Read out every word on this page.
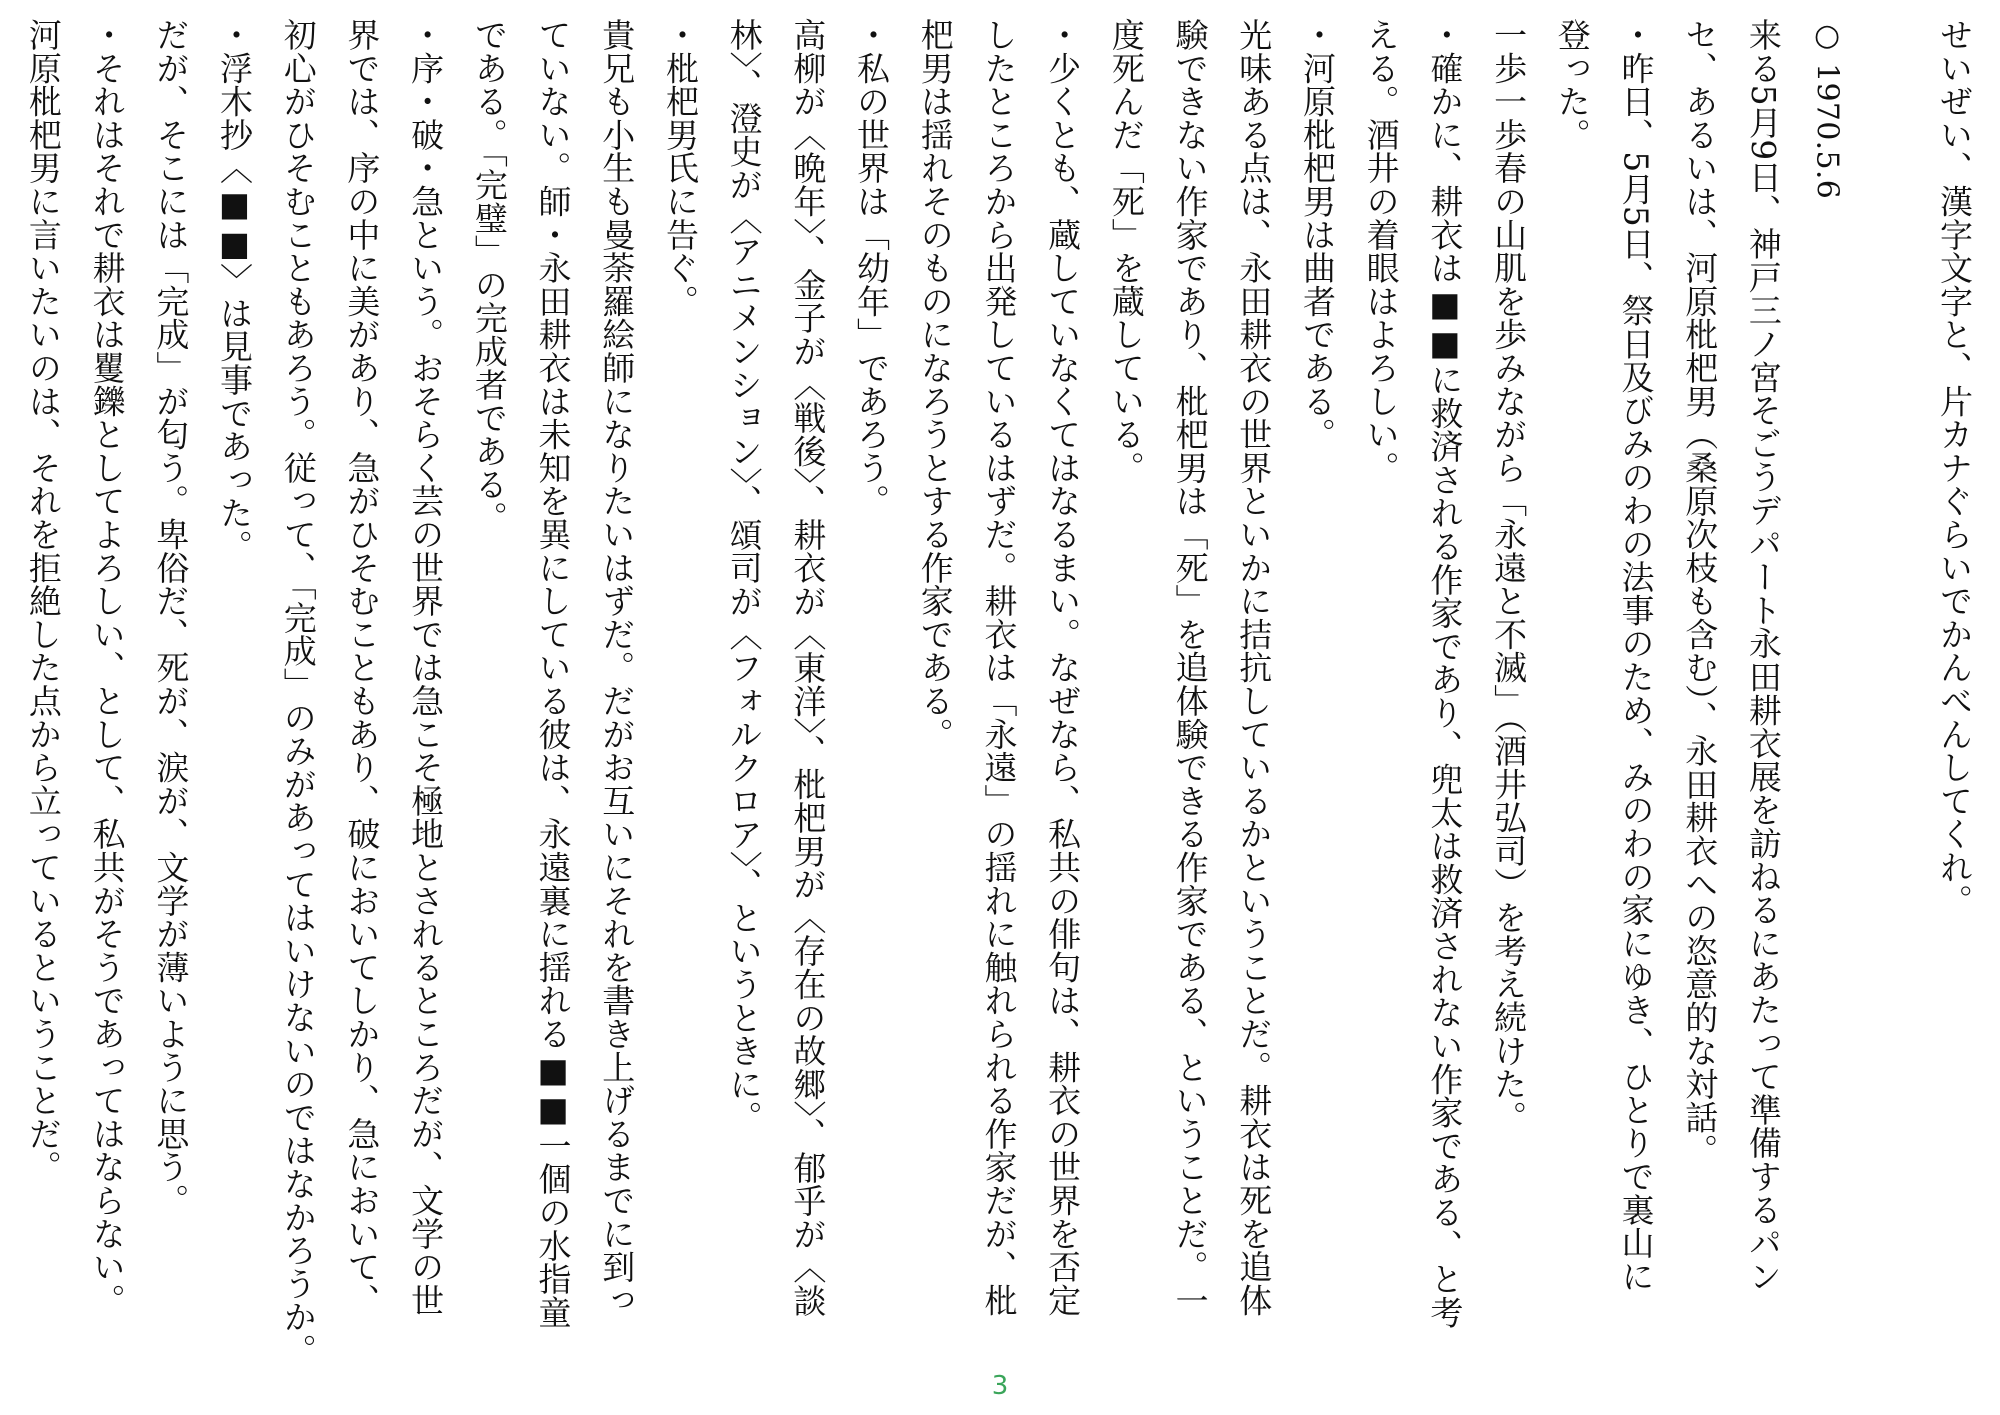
せいぜい、漢字文字と、片カナぐらいでかんべんしてくれ。

○ 1970.5.6
来る5月9日、神戸三ノ宮そごうデパート永田耕衣展を訪ねるにあたって準備するパン
セ、あるいは、河原枇杷男（桑原次枝も含む）、永田耕衣への恣意的な対話。
・昨日、5月5日、祭日及びみのわの法事のため、みのわの家にゆき、ひとりで裏山に
登った。
一歩一歩春の山肌を歩みながら「永遠と不滅」（酒井弘司）を考え続けた。
・確かに、耕衣は■■に救済される作家であり、兜太は救済されない作家である、と考
える。酒井の着眼はよろしい。
・河原枇杷男は曲者である。
光味ある点は、永田耕衣の世界といかに拮抗しているかということだ。耕衣は死を追体
験できない作家であり、枇杷男は「死」を追体験できる作家である、ということだ。一
度死んだ「死」を蔵している。
・少くとも、蔵していなくてはなるまい。なぜなら、私共の俳句は、耕衣の世界を否定
したところから出発しているはずだ。耕衣は「永遠」の揺れに触れられる作家だが、枇
杷男は揺れそのものになろうとする作家である。
・私の世界は「幼年」であろう。
高柳が〈晩年〉、金子が〈戦後〉、耕衣が〈東洋〉、枇杷男が〈存在の故郷〉、郁乎が〈談
林〉、澄史が〈アニメンション〉、頌司が〈フォルクロア〉、というときに。
・枇杷男氏に告ぐ。
貴兄も小生も曼荼羅絵師になりたいはずだ。だがお互いにそれを書き上げるまでに到っ
ていない。師・永田耕衣は未知を異にしている彼は、永遠裏に揺れる■■一個の水指童
である。「完璧」の完成者である。
・序・破・急という。おそらく芸の世界では急こそ極地とされるところだが、文学の世
界では、序の中に美があり、急がひそむこともあり、破においてしかり、急において、
初心がひそむこともあろう。従って、「完成」のみがあってはいけないのではなかろうか。
・浮木抄〈■■〉は見事であった。
だが、そこには「完成」が匂う。卑俗だ、死が、涙が、文学が薄いように思う。
・それはそれで耕衣は矍鑠としてよろしい、として、私共がそうであってはならない。
河原枇杷男に言いたいのは、それを拒絶した点から立っているということだ。
3
